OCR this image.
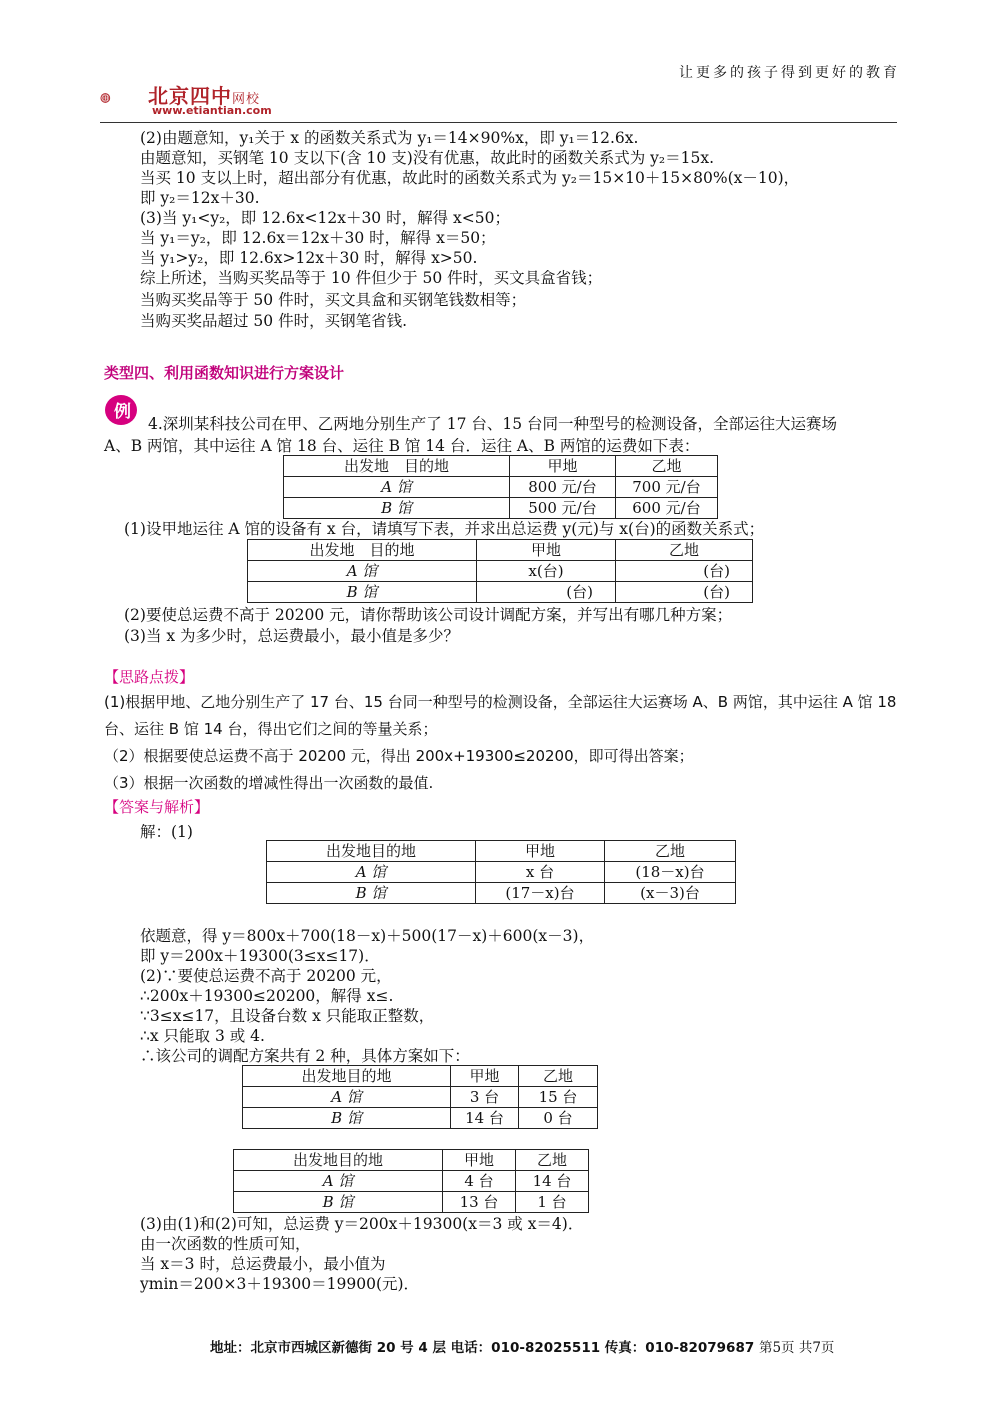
让更多的孩子得到更好的教育
北京四中网校
www.etiantian.com
(2)由题意知，y₁关于 x 的函数关系式为 y₁＝14×90%x，即 y₁＝12.6x.
由题意知，买钢笔 10 支以下(含 10 支)没有优惠，故此时的函数关系式为 y₂＝15x.
当买 10 支以上时，超出部分有优惠，故此时的函数关系式为 y₂＝15×10＋15×80%(x－10)，
即 y₂＝12x＋30.
(3)当 y₁<y₂，即 12.6x<12x＋30 时，解得 x<50；
当 y₁＝y₂，即 12.6x＝12x＋30 时，解得 x＝50；
当 y₁>y₂，即 12.6x>12x＋30 时，解得 x>50.
综上所述，当购买奖品等于 10 件但少于 50 件时，买文具盒省钱；
当购买奖品等于 50 件时，买文具盒和买钢笔钱数相等；
当购买奖品超过 50 件时，买钢笔省钱.
类型四、利用函数知识进行方案设计
例
4.深圳某科技公司在甲、乙两地分别生产了 17 台、15 台同一种型号的检测设备，全部运往大运赛场
A、B 两馆，其中运往 A 馆 18 台、运往 B 馆 14 台．运往 A、B 两馆的运费如下表：
出发地　目的地	甲地	乙地
A 馆	800 元/台	700 元/台
B 馆	500 元/台	600 元/台
(1)设甲地运往 A 馆的设备有 x 台，请填写下表，并求出总运费 y(元)与 x(台)的函数关系式；
出发地　目的地	甲地	乙地
A 馆	x(台)	(台)
B 馆	(台)	(台)
(2)要使总运费不高于 20200 元，请你帮助该公司设计调配方案，并写出有哪几种方案；
(3)当 x 为多少时，总运费最小，最小值是多少？
【思路点拨】
(1)根据甲地、乙地分别生产了 17 台、15 台同一种型号的检测设备，全部运往大运赛场 A、B 两馆，其中运往 A 馆 18 台、运往 B 馆 14 台，得出它们之间的等量关系；
（2）根据要使总运费不高于 20200 元，得出 200x+19300≤20200，即可得出答案；
（3）根据一次函数的增减性得出一次函数的最值.
【答案与解析】
解：(1)
出发地目的地	甲地	乙地
A 馆	x 台	(18－x)台
B 馆	(17－x)台	(x－3)台
依题意，得 y＝800x＋700(18－x)＋500(17－x)＋600(x－3)，
即 y＝200x＋19300(3≤x≤17)．
(2)∵要使总运费不高于 20200 元，
∴200x＋19300≤20200，解得 x≤.
∵3≤x≤17，且设备台数 x 只能取正整数，
∴x 只能取 3 或 4.
∴该公司的调配方案共有 2 种，具体方案如下：
出发地目的地	甲地	乙地
A 馆	3 台	15 台
B 馆	14 台	0 台
出发地目的地	甲地	乙地
A 馆	4 台	14 台
B 馆	13 台	1 台
(3)由(1)和(2)可知，总运费 y＝200x＋19300(x＝3 或 x＝4)．
由一次函数的性质可知，
当 x＝3 时，总运费最小，最小值为
ymin＝200×3＋19300＝19900(元)．
地址：北京市西城区新德街 20 号 4 层 电话：010-82025511 传真：010-82079687 第5页 共7页
